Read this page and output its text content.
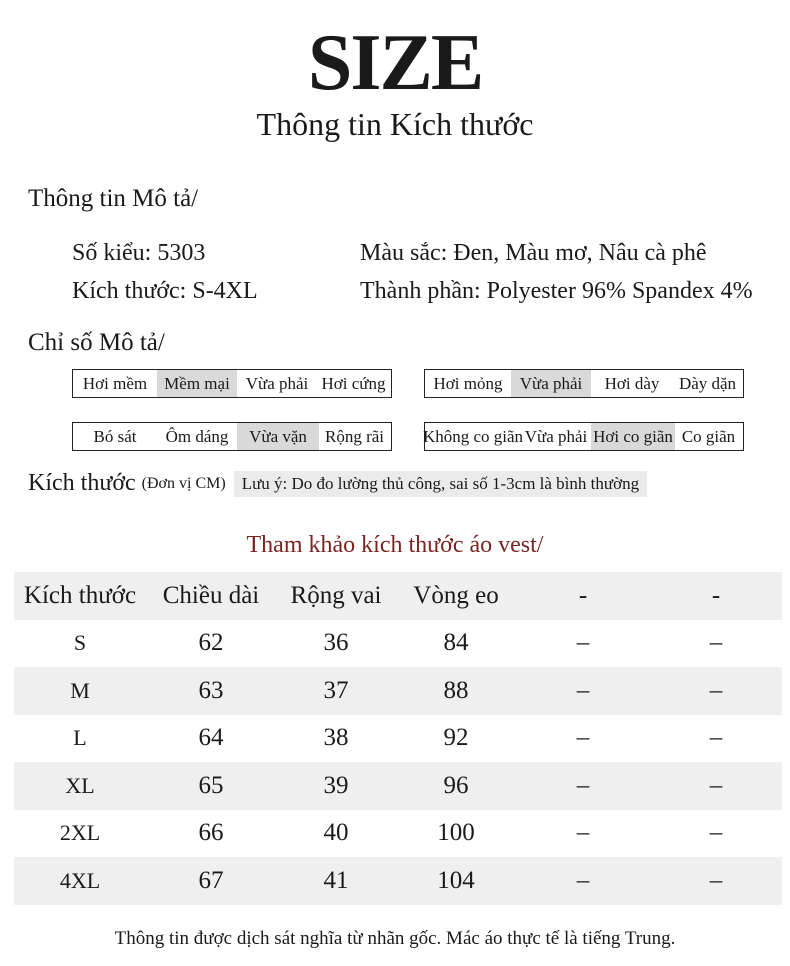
SIZE
Thông tin Kích thước
Thông tin Mô tả/
Số kiểu: 5303
Kích thước: S-4XL
Màu sắc: Đen, Màu mơ, Nâu cà phê
Thành phần: Polyester 96% Spandex 4%
Chỉ số Mô tả/
Hơi mềm	Mềm mại Vừa phải Hơi cứng	Hơi mỏng	Vừa phải	Hơi dày	Dày dặn
Bó sát	Ôm dáng	Vừa vặn	Rộng rãi	Không co giãn Vừa phải Hơi co giãn Co giãn
Kích thước (Đơn vị CM) Lưu ý: Do đo lường thủ công, sai số 1-3cm là bình thường
Tham khảo kích thước áo vest/
Kích thước	Chiều dài	Rộng vai	Vòng eo	-	-
S	62	36	84	–	–
M	63	37	88	–	–
L	64	38	92	–	–
XL	65	39	96	–	–
2XL	66	40	100	–	–
4XL	67	41	104	–	–
Thông tin được dịch sát nghĩa từ nhãn gốc. Mác áo thực tế là tiếng Trung.
